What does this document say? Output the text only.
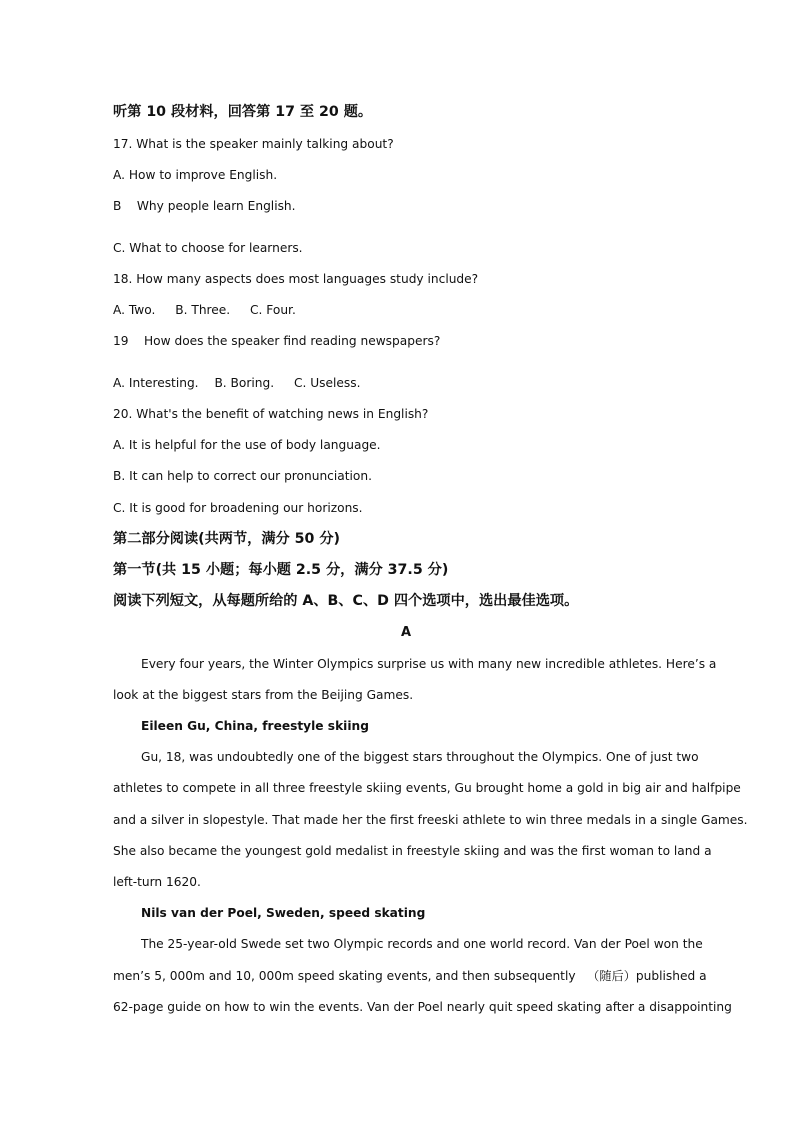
听第 10 段材料，回答第 17 至 20 题。
17. What is the speaker mainly talking about?
A. How to improve English.
B    Why people learn English.
C. What to choose for learners.
18. How many aspects does most languages study include?
A. Two. B. Three. C. Four.
19    How does the speaker find reading newspapers?
A. Interesting. B. Boring. C. Useless.
20. What's the benefit of watching news in English?
A. It is helpful for the use of body language.
B. It can help to correct our pronunciation.
C. It is good for broadening our horizons.
第二部分阅读(共两节，满分 50 分)
第一节(共 15 小题；每小题 2.5 分，满分 37.5 分)
阅读下列短文，从每题所给的 A、B、C、D 四个选项中，选出最佳选项。
A
Every four years, the Winter Olympics surprise us with many new incredible athletes. Here’s a
look at the biggest stars from the Beijing Games.
Eileen Gu, China, freestyle skiing
Gu, 18, was undoubtedly one of the biggest stars throughout the Olympics. One of just two
athletes to compete in all three freestyle skiing events, Gu brought home a gold in big air and halfpipe
and a silver in slopestyle. That made her the first freeski athlete to win three medals in a single Games.
She also became the youngest gold medalist in freestyle skiing and was the first woman to land a
left-turn 1620.
Nils van der Poel, Sweden, speed skating
The 25-year-old Swede set two Olympic records and one world record. Van der Poel won the
men’s 5, 000m and 10, 000m speed skating events, and then subsequently   （随后）published a
62-page guide on how to win the events. Van der Poel nearly quit speed skating after a disappointing
